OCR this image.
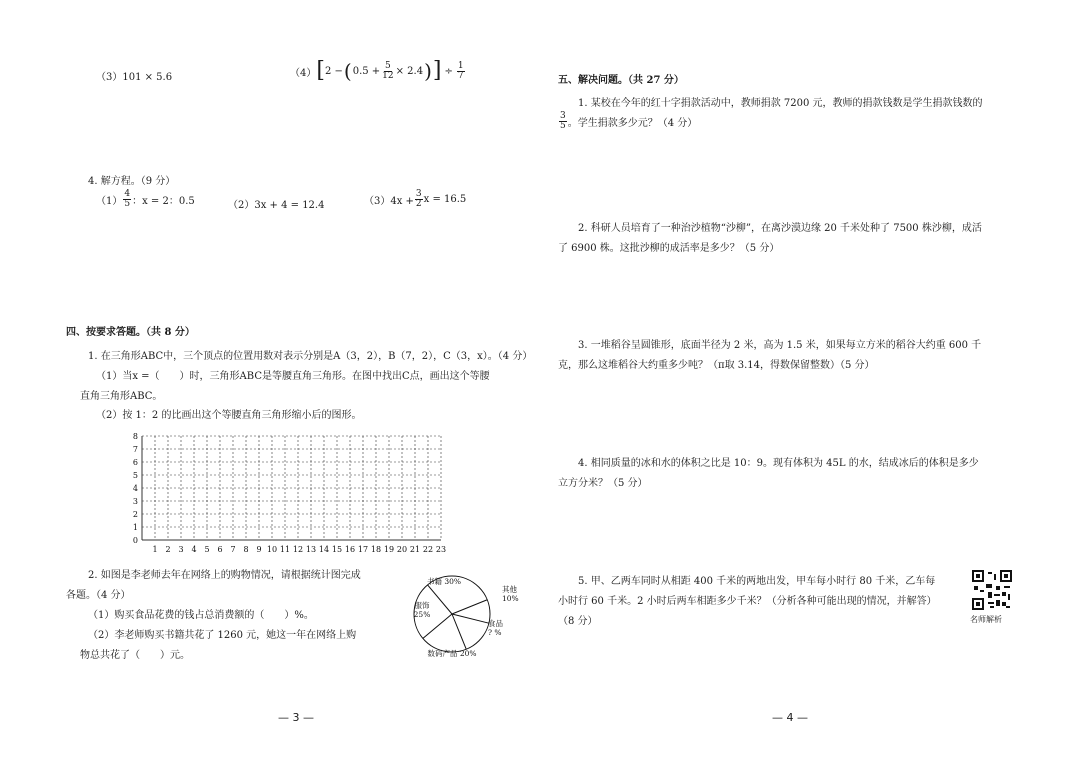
（3）101 × 5.6	（4） [ 2 − ( $0.5 + \frac{5}{12} \times 2.4$ ) ] ÷ $\frac{1}{7}$
4. 解方程。（9 分）
$(1) \frac{4}{5}$ ：x = 2：0.5	（2）3x + 4 = 12.4	$(3)4x + \frac{3}{2}$ x = 16.5
四、按要求答题。（共 8 分）
1. 在三角形ABC中，三个顶点的位置用数对表示分别是A（3，2），B（7，2），C（3，x）。（4 分）
（1）当x =（　　）时，三角形ABC是等腰直角三角形。在图中找出C点，画出这个等腰
直角三角形ABC。
（2）按 1：2 的比画出这个等腰直角三角形缩小后的图形。
8
7
6
5
4
3
2
1
0
1 2 3 4 5 6 7 8 9 10 11 12 13 14 15 16 17 18 19 20 21 22 23
2. 如图是李老师去年在网络上的购物情况，请根据统计图完成
各题。（4 分）
（1）购买食品花费的钱占总消费额的（　　）%。
（2）李老师购买书籍共花了 1260 元，她这一年在网络上购
物总共花了（　　）元。
书籍 30%
其他
10%
食品
? %
数码产品 20%
服饰
25%
— 3 —
五、解决问题。（共 27 分）
1. 某校在今年的红十字捐款活动中，教师捐款 7200 元，教师的捐款钱数是学生捐款钱数的
$\frac{3}{5}$ 。学生捐款多少元？（4 分）
2. 科研人员培育了一种治沙植物“沙柳”，在离沙漠边缘 20 千米处种了 7500 株沙柳，成活
了 6900 株。这批沙柳的成活率是多少？（5 分）
3. 一堆稻谷呈圆锥形，底面半径为 2 米，高为 1.5 米，如果每立方米的稻谷大约重 600 千
克，那么这堆稻谷大约重多少吨？（π取 3.14，得数保留整数）（5 分）
4. 相同质量的冰和水的体积之比是 10：9。现有体积为 45L 的水，结成冰后的体积是多少
立方分米？（5 分）
5. 甲、乙两车同时从相距 400 千米的两地出发，甲车每小时行 80 千米，乙车每
小时行 60 千米。2 小时后两车相距多少千米？（分析各种可能出现的情况，并解答）
（8 分）	名师解析
— 4 —
